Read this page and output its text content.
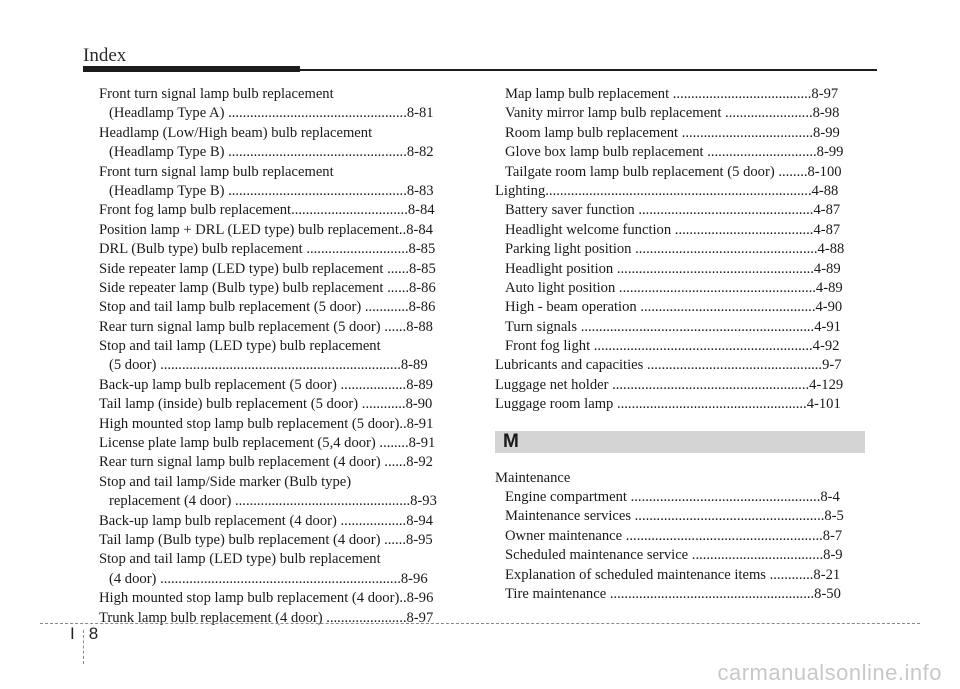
Index
Front turn signal lamp bulb replacement
(Headlamp Type A) .................................................8-81
Headlamp (Low/High beam) bulb replacement
(Headlamp Type B) .................................................8-82
Front turn signal lamp bulb replacement
(Headlamp Type B) .................................................8-83
Front fog lamp bulb replacement................................8-84
Position lamp + DRL (LED type) bulb replacement..8-84
DRL (Bulb type) bulb replacement ............................8-85
Side repeater lamp (LED type) bulb replacement ......8-85
Side repeater lamp (Bulb type) bulb replacement ......8-86
Stop and tail lamp bulb replacement (5 door) ............8-86
Rear turn signal lamp bulb replacement (5 door) ......8-88
Stop and tail lamp (LED type) bulb replacement
(5 door) ..................................................................8-89
Back-up lamp bulb replacement (5 door) ..................8-89
Tail lamp (inside) bulb replacement (5 door) ............8-90
High mounted stop lamp bulb replacement (5 door)..8-91
License plate lamp bulb replacement (5,4 door) ........8-91
Rear turn signal lamp bulb replacement (4 door) ......8-92
Stop and tail lamp/Side marker (Bulb type)
replacement (4 door) ................................................8-93
Back-up lamp bulb replacement (4 door) ..................8-94
Tail lamp (Bulb type) bulb replacement (4 door) ......8-95
Stop and tail lamp (LED type) bulb replacement
(4 door) ..................................................................8-96
High mounted stop lamp bulb replacement (4 door)..8-96
Trunk lamp bulb replacement (4 door) ......................8-97
Map lamp bulb replacement ......................................8-97
Vanity mirror lamp bulb replacement ........................8-98
Room lamp bulb replacement ....................................8-99
Glove box lamp bulb replacement ..............................8-99
Tailgate room lamp bulb replacement (5 door) ........8-100
Lighting.........................................................................4-88
Battery saver function ................................................4-87
Headlight welcome function ......................................4-87
Parking light position ..................................................4-88
Headlight position ......................................................4-89
Auto light position ......................................................4-89
High - beam operation ................................................4-90
Turn signals ................................................................4-91
Front fog light ............................................................4-92
Lubricants and capacities ................................................9-7
Luggage net holder ......................................................4-129
Luggage room lamp ....................................................4-101
M
Maintenance
Engine compartment ....................................................8-4
Maintenance services ....................................................8-5
Owner maintenance ......................................................8-7
Scheduled maintenance service ....................................8-9
Explanation of scheduled maintenance items ............8-21
Tire maintenance ........................................................8-50
I 8
carmanualsonline.info
